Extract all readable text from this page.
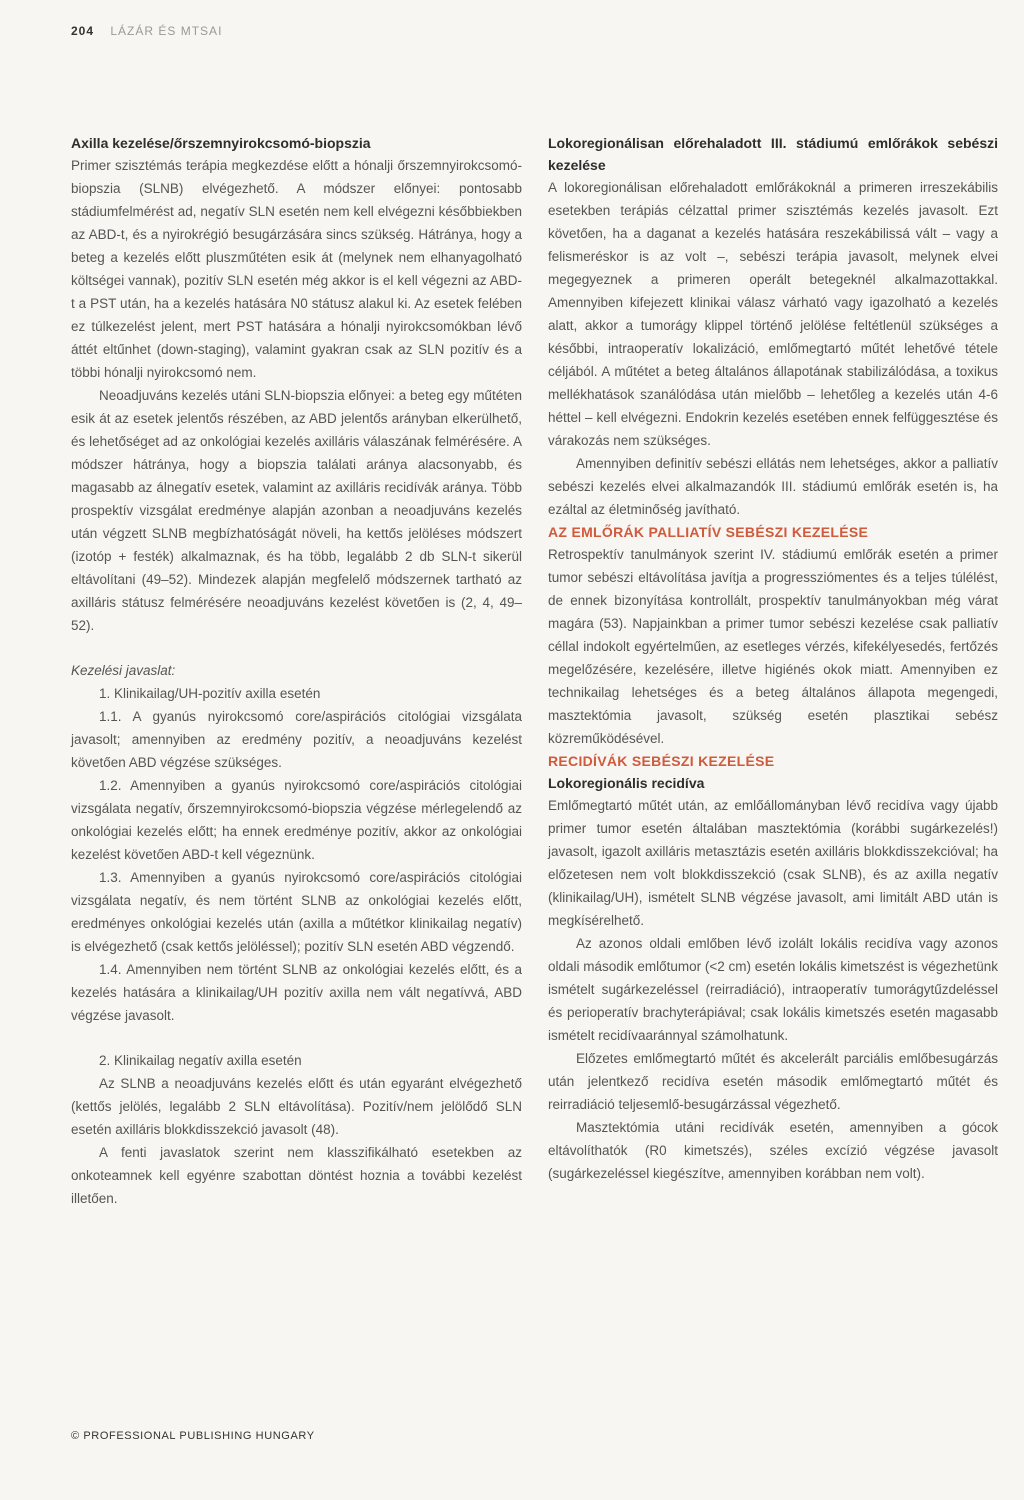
204 LÁZÁR ÉS MTSAI

Axilla kezelése/őrszemnyirokcsomó-biopszia

Primer szisztémás terápia megkezdése előtt a hónalji őrszemnyirokcsomó-biopszia (SLNB) elvégezhető. A módszer előnyei: pontosabb stádiumfelmérést ad, negatív SLN esetén nem kell elvégezni későbbiekben az ABD-t, és a nyirokrégió besugárzására sincs szükség. Hátránya, hogy a beteg a kezelés előtt pluszműtéten esik át (melynek nem elhanyagolható költségei vannak), pozitív SLN esetén még akkor is el kell végezni az ABD-t a PST után, ha a kezelés hatására N0 státusz alakul ki. Az esetek felében ez túlkezelést jelent, mert PST hatására a hónalji nyirokcsomókban lévő áttét eltűnhet (down-staging), valamint gyakran csak az SLN pozitív és a többi hónalji nyirokcsomó nem.

Neoadjuváns kezelés utáni SLN-biopszia előnyei: a beteg egy műtéten esik át az esetek jelentős részében, az ABD jelentős arányban elkerülhető, és lehetőséget ad az onkológiai kezelés axilláris válaszának felmérésére. A módszer hátránya, hogy a biopszia találati aránya alacsonyabb, és magasabb az álnegatív esetek, valamint az axilláris recidívák aránya. Több prospektív vizsgálat eredménye alapján azonban a neoadjuváns kezelés után végzett SLNB megbízhatóságát növeli, ha kettős jelöléses módszert (izotóp + festék) alkalmaznak, és ha több, legalább 2 db SLN-t sikerül eltávolítani (49–52). Mindezek alapján megfelelő módszernek tartható az axilláris státusz felmérésére neoadjuváns kezelést követően is (2, 4, 49–52).

Kezelési javaslat:

1. Klinikailag/UH-pozitív axilla esetén

1.1. A gyanús nyirokcsomó core/aspirációs citológiai vizsgálata javasolt; amennyiben az eredmény pozitív, a neoadjuváns kezelést követően ABD végzése szükséges.

1.2. Amennyiben a gyanús nyirokcsomó core/aspirációs citológiai vizsgálata negatív, őrszemnyirokcsomó-biopszia végzése mérlegelendő az onkológiai kezelés előtt; ha ennek eredménye pozitív, akkor az onkológiai kezelést követően ABD-t kell végeznünk.

1.3. Amennyiben a gyanús nyirokcsomó core/aspirációs citológiai vizsgálata negatív, és nem történt SLNB az onkológiai kezelés előtt, eredményes onkológiai kezelés után (axilla a műtétkor klinikailag negatív) is elvégezhető (csak kettős jelöléssel); pozitív SLN esetén ABD végzendő.

1.4. Amennyiben nem történt SLNB az onkológiai kezelés előtt, és a kezelés hatására a klinikailag/UH pozitív axilla nem vált negatívvá, ABD végzése javasolt.

2. Klinikailag negatív axilla esetén

Az SLNB a neoadjuváns kezelés előtt és után egyaránt elvégezhető (kettős jelölés, legalább 2 SLN eltávolítása). Pozitív/nem jelölődő SLN esetén axilláris blokkdisszekció javasolt (48).

A fenti javaslatok szerint nem klasszifikálható esetekben az onkoteamnek kell egyénre szabottan döntést hoznia a további kezelést illetően.

Lokoregionálisan előrehaladott III. stádiumú emlőrákok sebészi kezelése

A lokoregionálisan előrehaladott emlőrákoknál a primeren irreszekábilis esetekben terápiás célzattal primer szisztémás kezelés javasolt. Ezt követően, ha a daganat a kezelés hatására reszekábilissá vált – vagy a felismeréskor is az volt –, sebészi terápia javasolt, melynek elvei megegyeznek a primeren operált betegeknél alkalmazottakkal. Amennyiben kifejezett klinikai válasz várható vagy igazolható a kezelés alatt, akkor a tumorágy klippel történő jelölése feltétlenül szükséges a későbbi, intraoperatív lokalizáció, emlőmegtartó műtét lehetővé tétele céljából. A műtétet a beteg általános állapotának stabilizálódása, a toxikus mellékhatások szanálódása után mielőbb – lehetőleg a kezelés után 4-6 héttel – kell elvégezni. Endokrin kezelés esetében ennek felfüggesztése és várakozás nem szükséges.

Amennyiben definitív sebészi ellátás nem lehetséges, akkor a palliatív sebészi kezelés elvei alkalmazandók III. stádiumú emlőrák esetén is, ha ezáltal az életminőség javítható.

AZ EMLŐRÁK PALLIATÍV SEBÉSZI KEZELÉSE

Retrospektív tanulmányok szerint IV. stádiumú emlőrák esetén a primer tumor sebészi eltávolítása javítja a progressziómentes és a teljes túlélést, de ennek bizonyítása kontrollált, prospektív tanulmányokban még várat magára (53). Napjainkban a primer tumor sebészi kezelése csak palliatív céllal indokolt egyértelműen, az esetleges vérzés, kifekélyesedés, fertőzés megelőzésére, kezelésére, illetve higiénés okok miatt. Amennyiben ez technikailag lehetséges és a beteg általános állapota megengedi, masztektómia javasolt, szükség esetén plasztikai sebész közreműködésével.

RECIDÍVÁK SEBÉSZI KEZELÉSE

Lokoregionális recidíva

Emlőmegtartó műtét után, az emlőállományban lévő recidíva vagy újabb primer tumor esetén általában masztektómia (korábbi sugárkezelés!) javasolt, igazolt axilláris metasztázis esetén axilláris blokkdisszekcióval; ha előzetesen nem volt blokkdisszekció (csak SLNB), és az axilla negatív (klinikailag/UH), ismételt SLNB végzése javasolt, ami limitált ABD után is megkísérelhető.

Az azonos oldali emlőben lévő izolált lokális recidíva vagy azonos oldali második emlőtumor (<2 cm) esetén lokális kimetszést is végezhetünk ismételt sugárkezeléssel (reirradiáció), intraoperatív tumorágytűzdeléssel és perioperatív brachyterápiával; csak lokális kimetszés esetén magasabb ismételt recidívaaránnyal számolhatunk.

Előzetes emlőmegtartó műtét és akcelerált parciális emlőbesugárzás után jelentkező recidíva esetén második emlőmegtartó műtét és reirradiáció teljesemlő-besugárzással végezhető.

Masztektómia utáni recidívák esetén, amennyiben a gócok eltávolíthatók (R0 kimetszés), széles excízió végzése javasolt (sugárkezeléssel kiegészítve, amennyiben korábban nem volt).

© PROFESSIONAL PUBLISHING HUNGARY
